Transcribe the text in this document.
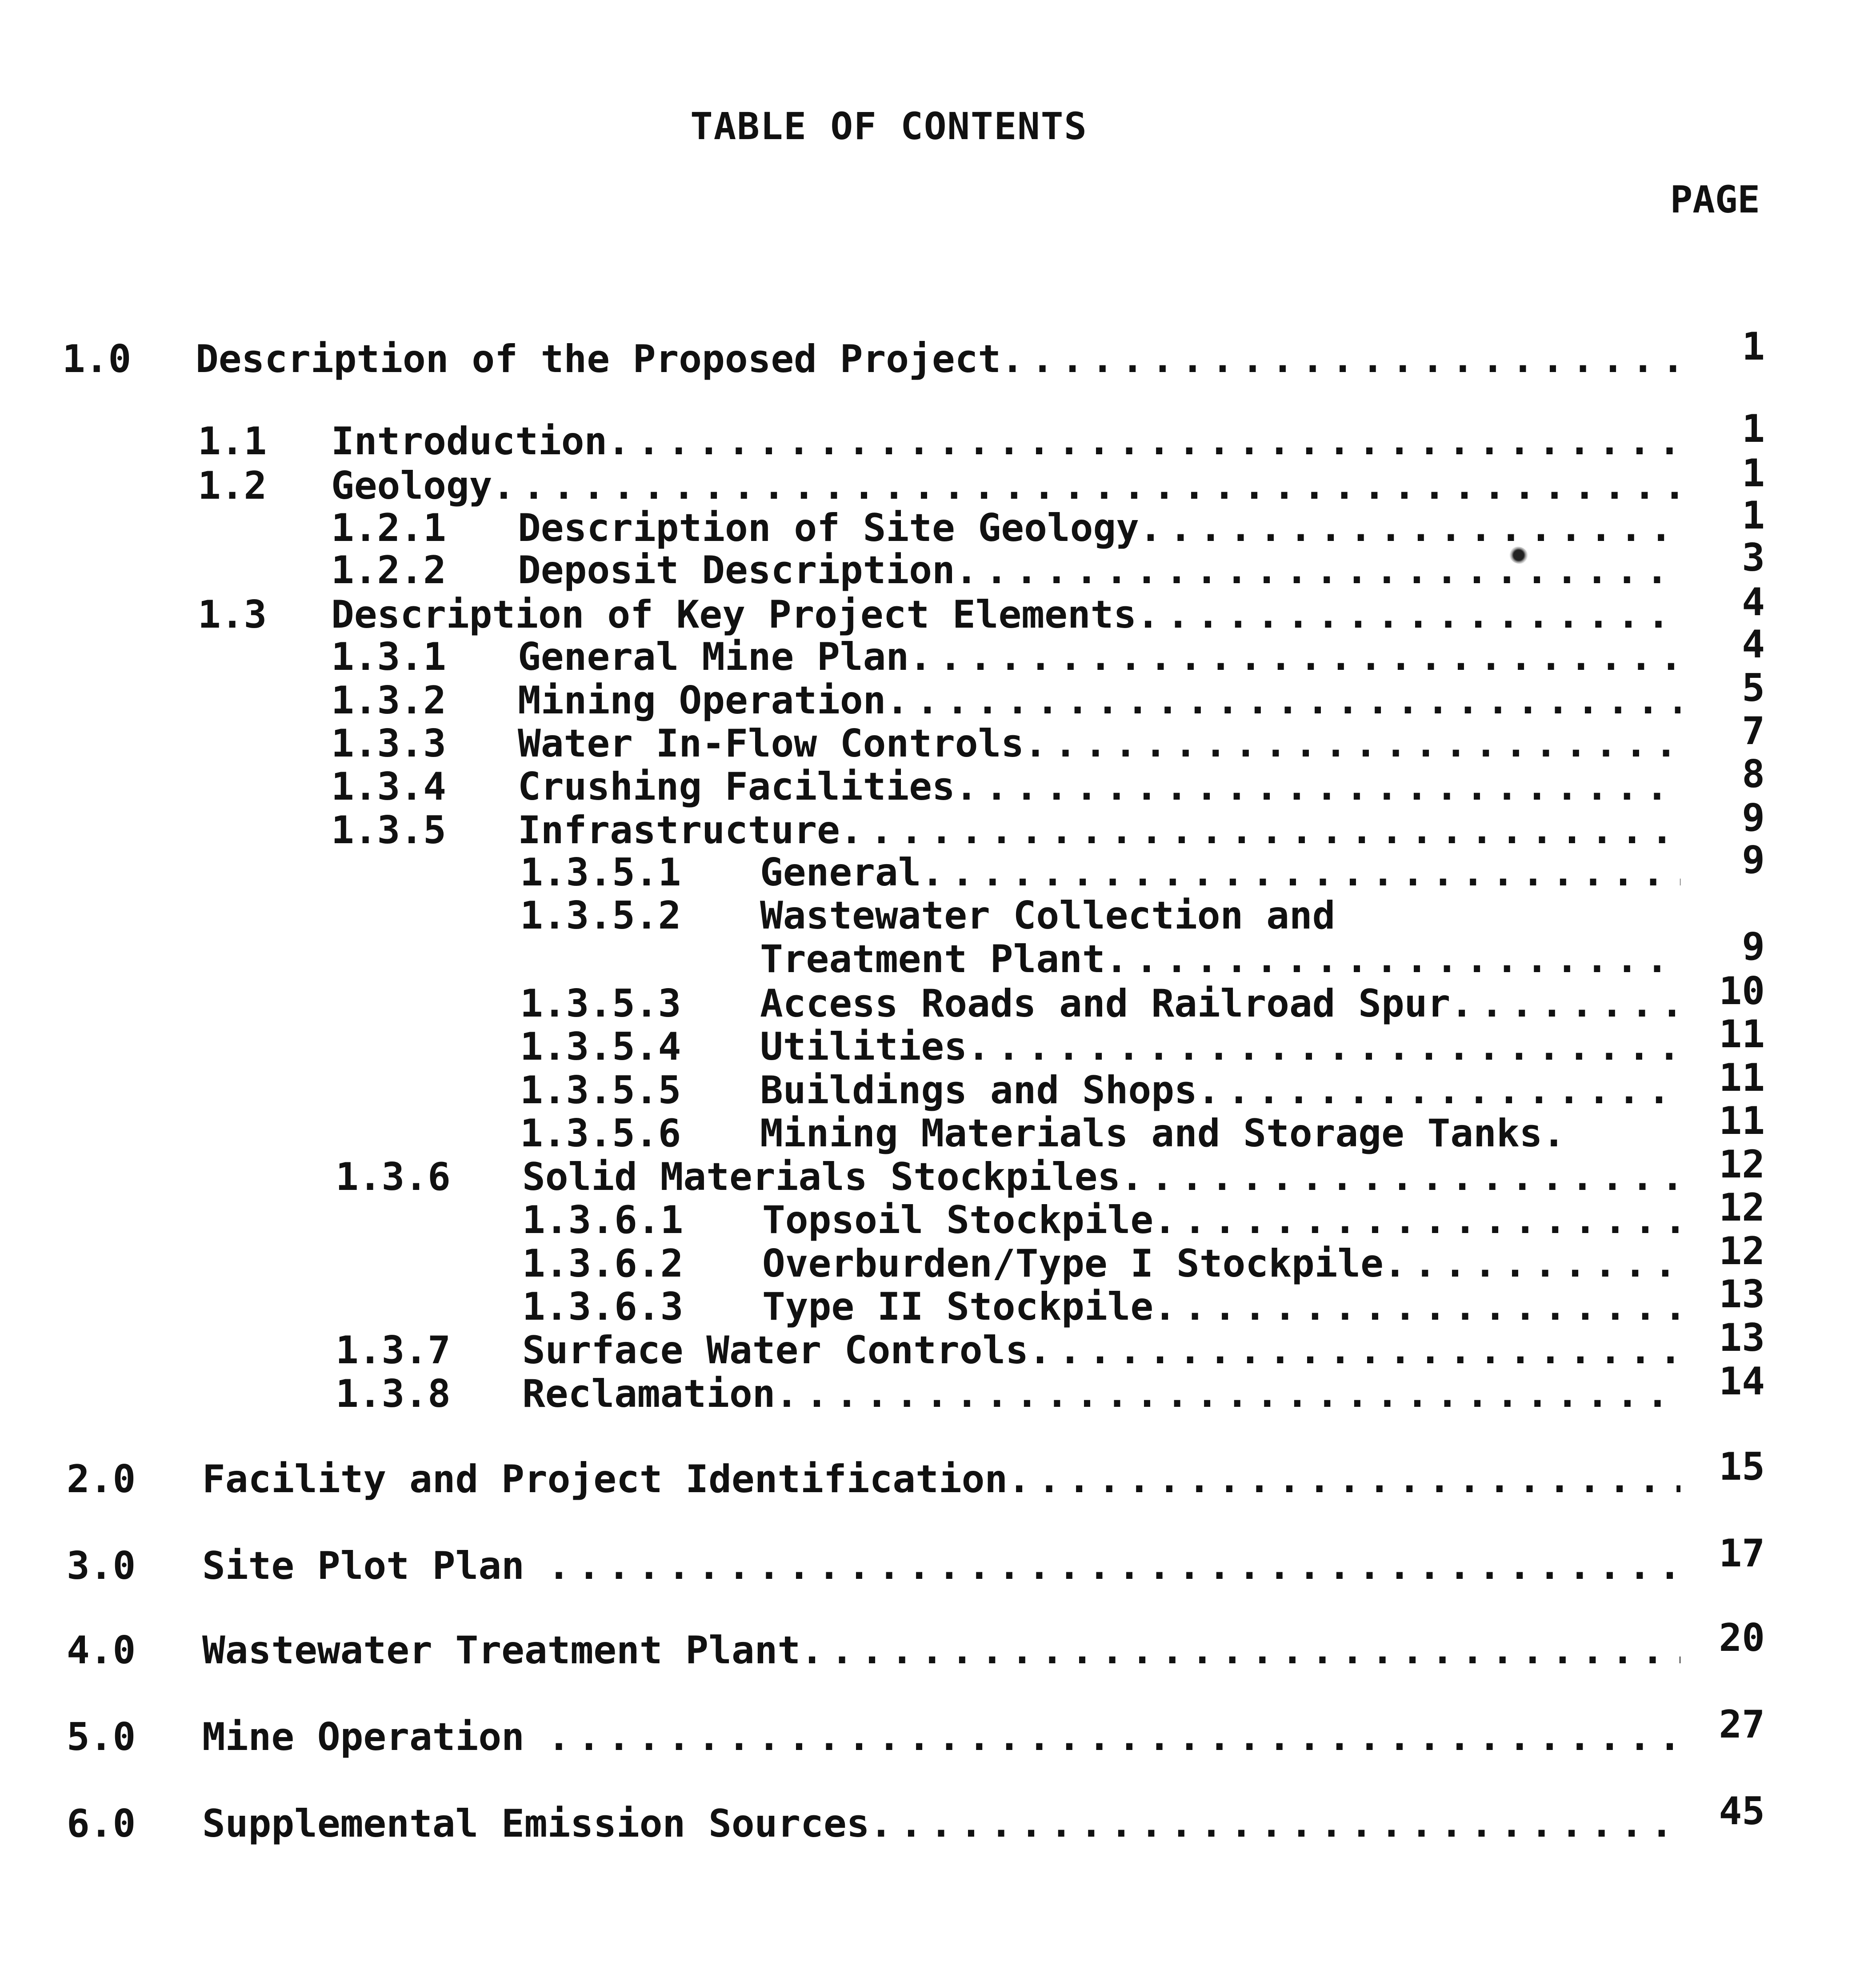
TABLE OF CONTENTS
PAGE
1.0 Description of the Proposed Project . . .	1
1.1 Introduction . . .	1
1.2 Geology . . .	1
1.2.1 Description of Site Geology . . .	1
1.2.2 Deposit Description . . .	3
1.3 Description of Key Project Elements . . .	4
1.3.1 General Mine Plan . . .	4
1.3.2 Mining Operation . . .	5
1.3.3 Water In-Flow Controls . . .	7
1.3.4 Crushing Facilities . . .	8
1.3.5 Infrastructure . . .	9
1.3.5.1 General . . .	9
1.3.5.2 Wastewater Collection and
Treatment Plant . . .	9
1.3.5.3 Access Roads and Railroad Spur . . .	10
1.3.5.4 Utilities . . .	11
1.3.5.5 Buildings and Shops . . .	11
1.3.5.6 Mining Materials and Storage Tanks.	11
1.3.6 Solid Materials Stockpiles . . .	12
1.3.6.1 Topsoil Stockpile . . .	12
1.3.6.2 Overburden/Type I Stockpile . . .	12
1.3.6.3 Type II Stockpile . . .	13
1.3.7 Surface Water Controls . . .	13
1.3.8 Reclamation . . .	14
2.0 Facility and Project Identification . . .	15
3.0 Site Plot Plan . . .	17
4.0 Wastewater Treatment Plant . . .	20
5.0 Mine Operation . . .	27
6.0 Supplemental Emission Sources . . .	45
